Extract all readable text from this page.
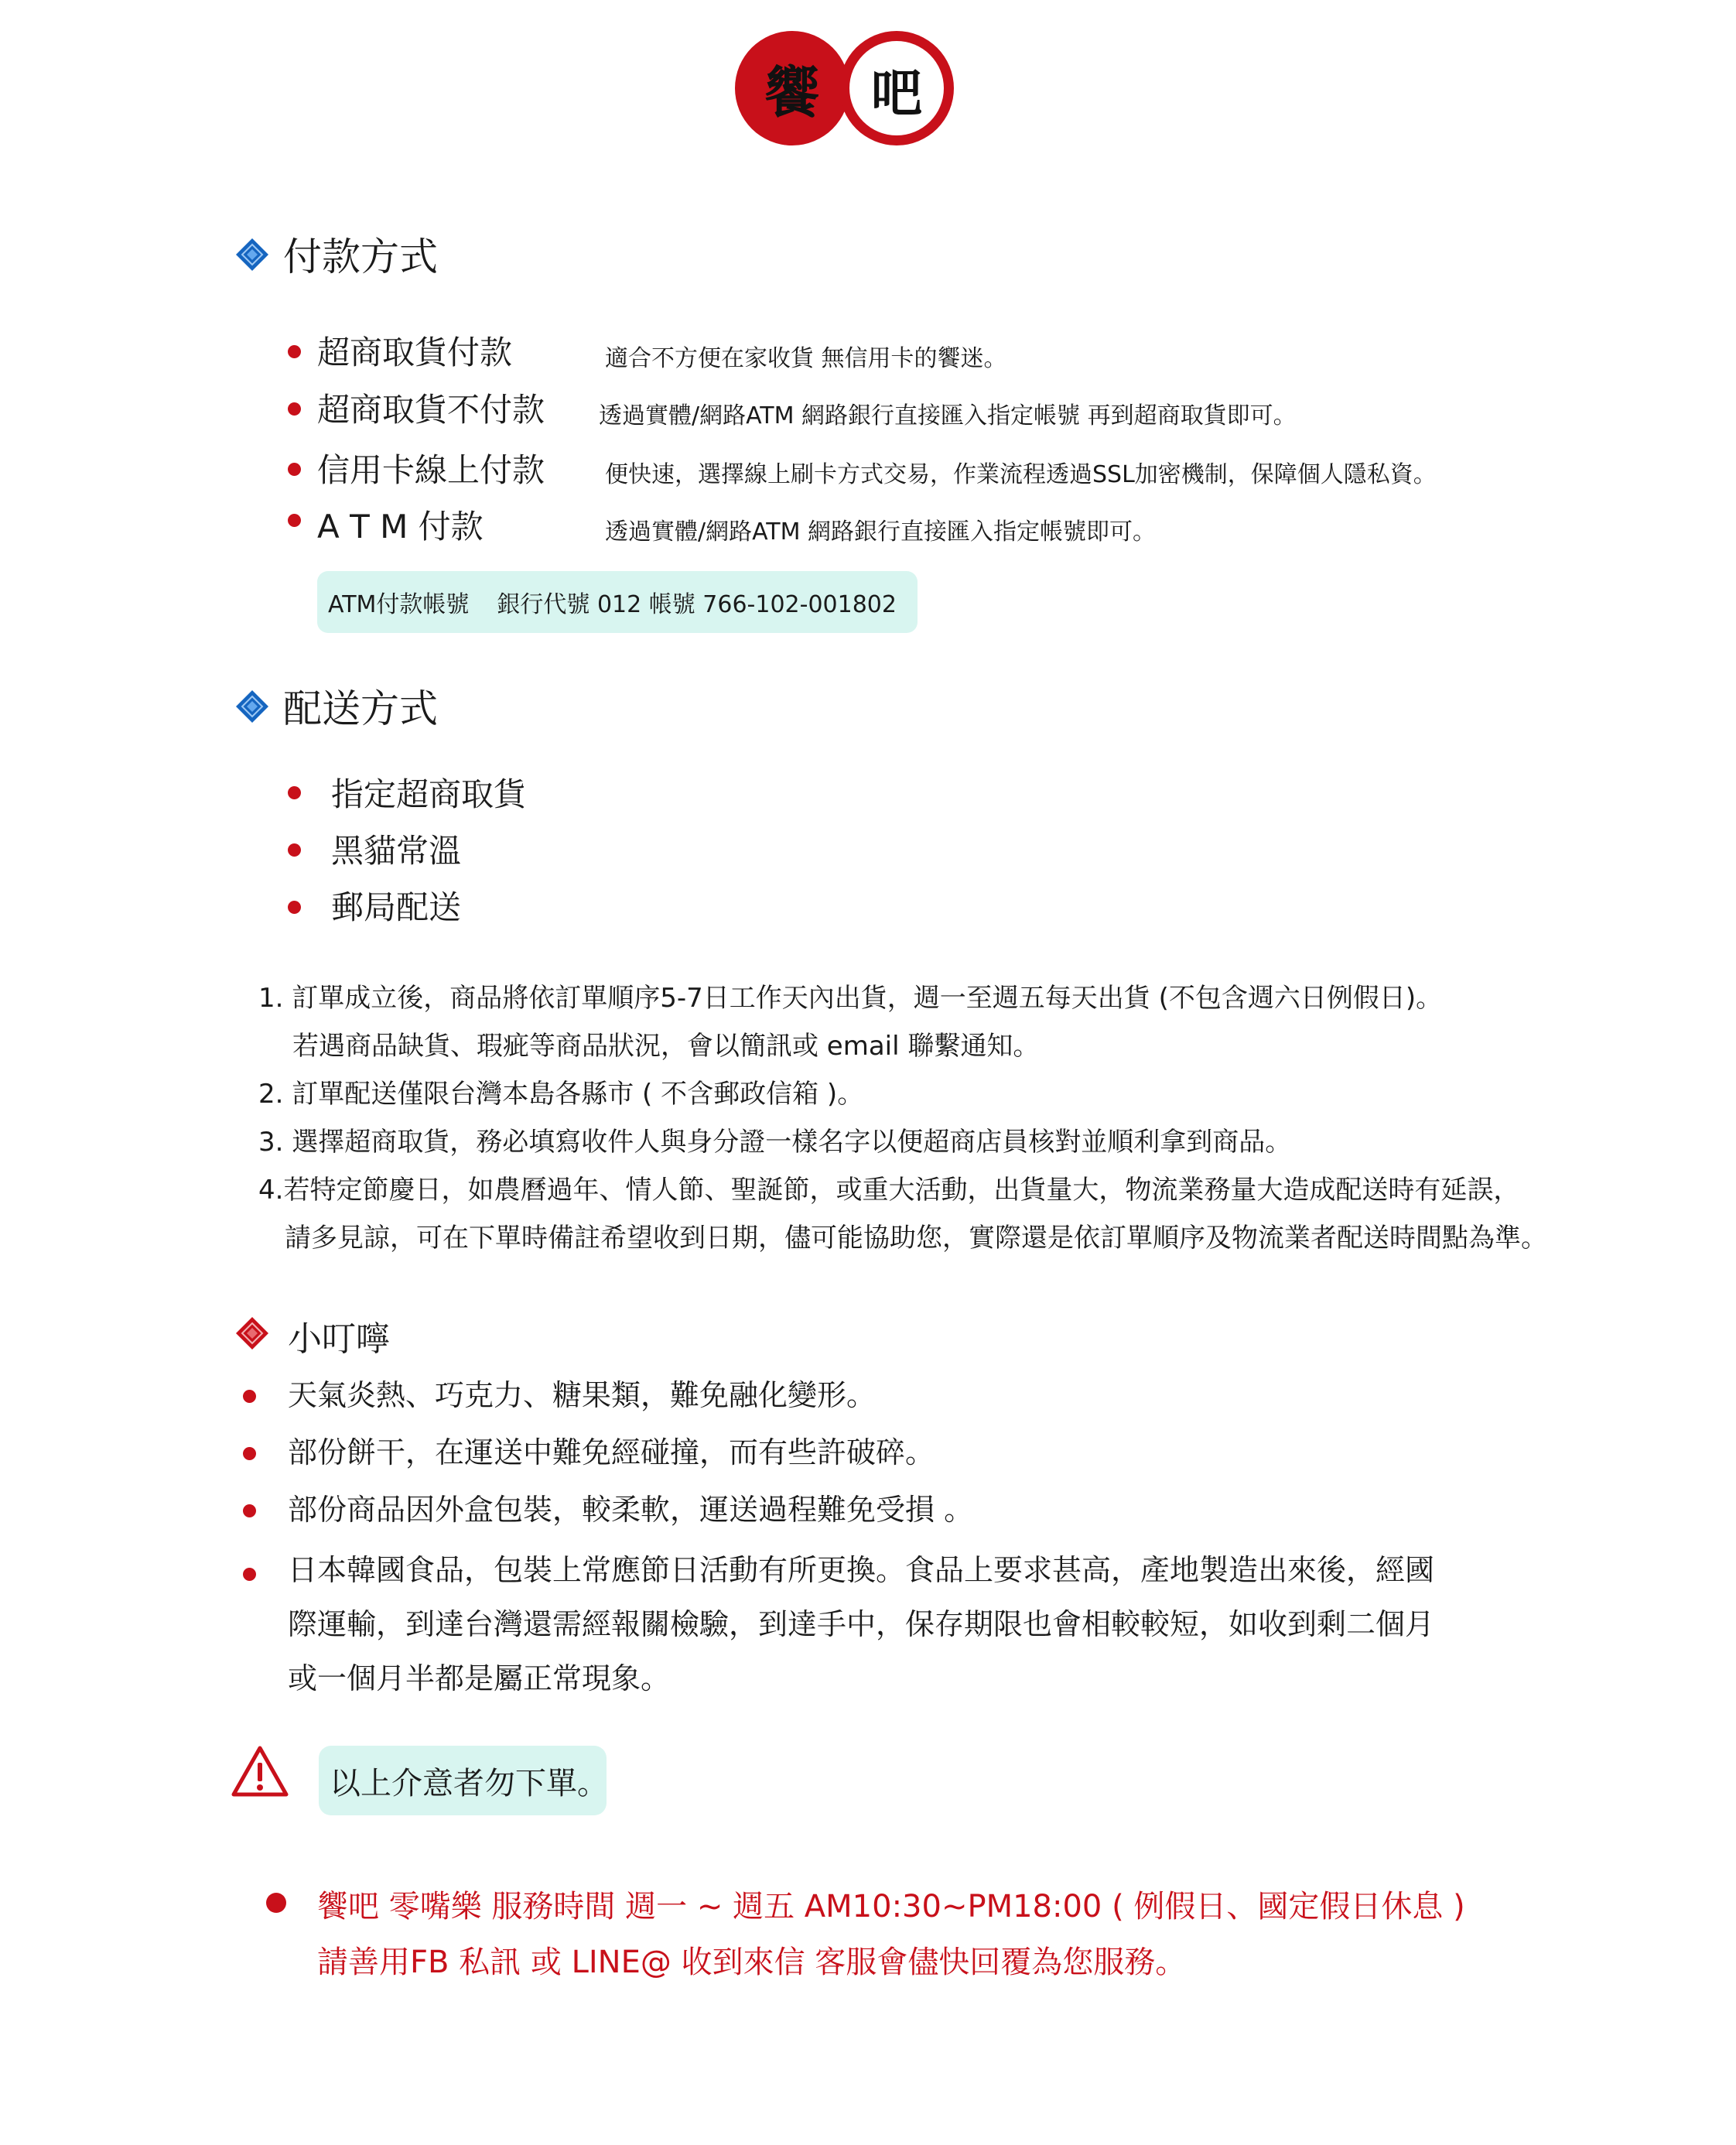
饗 吧
付款方式
超商取貨付款	適合不方便在家收貨 無信用卡的饗迷。
超商取貨不付款 透過實體/網路ATM 網路銀行直接匯入指定帳號 再到超商取貨即可。
信用卡線上付款	便快速，選擇線上刷卡方式交易，作業流程透過SSL加密機制，保障個人隱私資。
A T M 付款	透過實體/網路ATM 網路銀行直接匯入指定帳號即可。
ATM付款帳號 銀行代號 012 帳號 766-102-001802
配送方式
指定超商取貨
黑貓常溫
郵局配送
1. 訂單成立後，商品將依訂單順序5-7日工作天內出貨，週一至週五每天出貨 (不包含週六日例假日)。
若遇商品缺貨、瑕疵等商品狀況，會以簡訊或 email 聯繫通知。
2. 訂單配送僅限台灣本島各縣市 ( 不含郵政信箱 )。
3. 選擇超商取貨，務必填寫收件人與身分證一樣名字以便超商店員核對並順利拿到商品。
4.若特定節慶日，如農曆過年、情人節、聖誕節，或重大活動，出貨量大，物流業務量大造成配送時有延誤，
請多見諒，可在下單時備註希望收到日期，儘可能協助您，實際還是依訂單順序及物流業者配送時間點為準。
小叮嚀
天氣炎熱、巧克力、糖果類，難免融化變形。
部份餅干，在運送中難免經碰撞，而有些許破碎。
部份商品因外盒包裝，較柔軟，運送過程難免受損 。
日本韓國食品，包裝上常應節日活動有所更換。食品上要求甚高，產地製造出來後，經國
際運輸，到達台灣還需經報關檢驗，到達手中，保存期限也會相較較短，如收到剩二個月
或一個月半都是屬正常現象。
以上介意者勿下單。
饗吧 零嘴樂 服務時間 週一 ~ 週五 AM10:30~PM18:00 ( 例假日、國定假日休息 )
請善用FB 私訊 或 LINE@ 收到來信 客服會儘快回覆為您服務。
